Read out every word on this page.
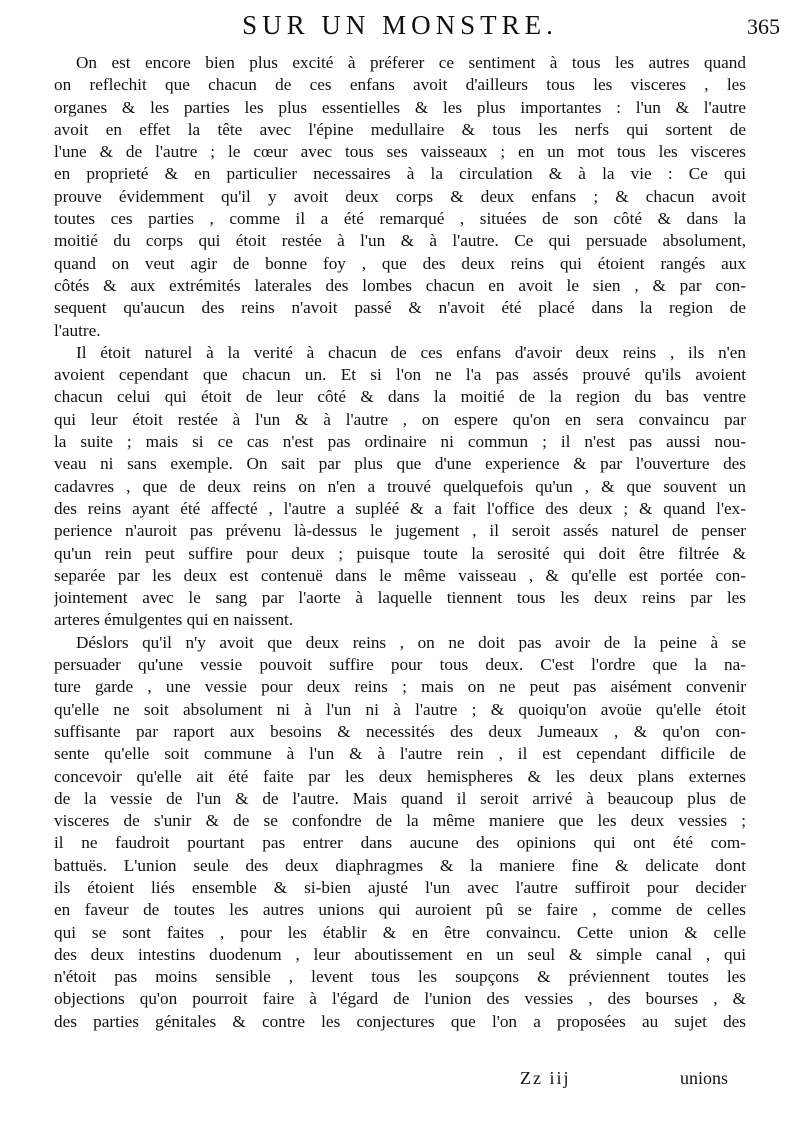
SUR UN MONSTRE.	365
On est encore bien plus excité à préferer ce sentiment à tous les autres quand
on reflechit que chacun de ces enfans avoit d'ailleurs tous les visceres , les
organes & les parties les plus essentielles & les plus importantes : l'un & l'autre
avoit en effet la tête avec l'épine medullaire & tous les nerfs qui sortent de
l'une & de l'autre ; le cœur avec tous ses vaisseaux ; en un mot tous les visceres
en proprieté & en particulier necessaires à la circulation & à la vie : Ce qui
prouve évidemment qu'il y avoit deux corps & deux enfans ; & chacun avoit
toutes ces parties , comme il a été remarqué , situées de son côté & dans la
moitié du corps qui étoit restée à l'un & à l'autre. Ce qui persuade absolument,
quand on veut agir de bonne foy , que des deux reins qui étoient rangés aux
côtés & aux extrémités laterales des lombes chacun en avoit le sien , & par con-
sequent qu'aucun des reins n'avoit passé & n'avoit été placé dans la region de
l'autre.
Il étoit naturel à la verité à chacun de ces enfans d'avoir deux reins , ils n'en
avoient cependant que chacun un. Et si l'on ne l'a pas assés prouvé qu'ils avoient
chacun celui qui étoit de leur côté & dans la moitié de la region du bas ventre
qui leur étoit restée à l'un & à l'autre , on espere qu'on en sera convaincu par
la suite ; mais si ce cas n'est pas ordinaire ni commun ; il n'est pas aussi nou-
veau ni sans exemple. On sait par plus que d'une experience & par l'ouverture des
cadavres , que de deux reins on n'en a trouvé quelquefois qu'un , & que souvent un
des reins ayant été affecté , l'autre a supléé & a fait l'office des deux ; & quand l'ex-
perience n'auroit pas prévenu là-dessus le jugement , il seroit assés naturel de penser
qu'un rein peut suffire pour deux ; puisque toute la serosité qui doit être filtrée &
separée par les deux est contenuë dans le même vaisseau , & qu'elle est portée con-
jointement avec le sang par l'aorte à laquelle tiennent tous les deux reins par les
arteres émulgentes qui en naissent.
Déslors qu'il n'y avoit que deux reins , on ne doit pas avoir de la peine à se
persuader qu'une vessie pouvoit suffire pour tous deux. C'est l'ordre que la na-
ture garde , une vessie pour deux reins ; mais on ne peut pas aisément convenir
qu'elle ne soit absolument ni à l'un ni à l'autre ; & quoiqu'on avoüe qu'elle étoit
suffisante par raport aux besoins & necessités des deux Jumeaux , & qu'on con-
sente qu'elle soit commune à l'un & à l'autre rein , il est cependant difficile de
concevoir qu'elle ait été faite par les deux hemispheres & les deux plans externes
de la vessie de l'un & de l'autre. Mais quand il seroit arrivé à beaucoup plus de
visceres de s'unir & de se confondre de la même maniere que les deux vessies ;
il ne faudroit pourtant pas entrer dans aucune des opinions qui ont été com-
battuës. L'union seule des deux diaphragmes & la maniere fine & delicate dont
ils étoient liés ensemble & si-bien ajusté l'un avec l'autre suffiroit pour decider
en faveur de toutes les autres unions qui auroient pû se faire , comme de celles
qui se sont faites , pour les établir & en être convaincu. Cette union & celle
des deux intestins duodenum , leur aboutissement en un seul & simple canal , qui
n'étoit pas moins sensible , levent tous les soupçons & préviennent toutes les
objections qu'on pourroit faire à l'égard de l'union des vessies , des bourses , &
des parties génitales & contre les conjectures que l'on a proposées au sujet des
Zz iij	unions
